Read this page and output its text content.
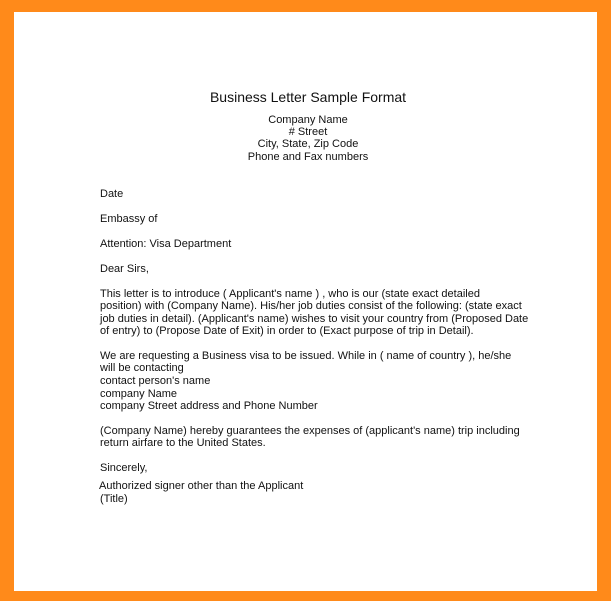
Business Letter Sample Format
Company Name
# Street
City, State, Zip Code
Phone and Fax numbers
Date
Embassy of
Attention: Visa Department
Dear Sirs,
This letter is to introduce ( Applicant's name ) , who is our (state exact detailed
position) with (Company Name). His/her job duties consist of the following: (state exact
job duties in detail). (Applicant's name) wishes to visit your country from (Proposed Date
of entry) to (Propose Date of Exit) in order to (Exact purpose of trip in Detail).
We are requesting a Business visa to be issued. While in ( name of country ), he/she
will be contacting
contact person's name
company Name
company Street address and Phone Number
(Company Name) hereby guarantees the expenses of (applicant's name) trip including
return airfare to the United States.
Sincerely,
Authorized signer other than the Applicant
(Title)
